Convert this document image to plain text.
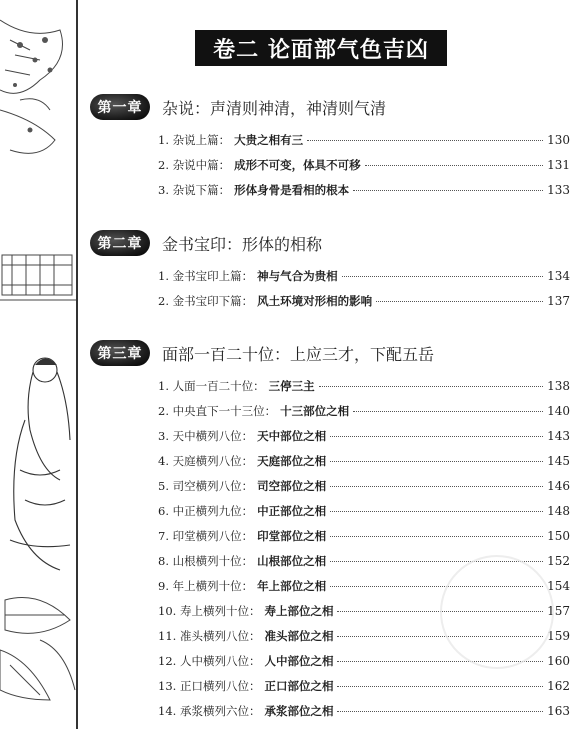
卷二 论面部气色吉凶
第一章	杂说：声清则神清，神清则气清
1. 杂说上篇： 大贵之相有三	130
2. 杂说中篇： 成形不可变，体具不可移	131
3. 杂说下篇： 形体身骨是看相的根本	133
第二章	金书宝印：形体的相称
1. 金书宝印上篇： 神与气合为贵相	134
2. 金书宝印下篇： 风土环境对形相的影响	137
第三章	面部一百二十位：上应三才，下配五岳
1. 人面一百二十位： 三停三主	138
2. 中央直下一十三位： 十三部位之相	140
3. 天中横列八位： 天中部位之相	143
4. 天庭横列八位： 天庭部位之相	145
5. 司空横列八位： 司空部位之相	146
6. 中正横列九位： 中正部位之相	148
7. 印堂横列八位： 印堂部位之相	150
8. 山根横列十位： 山根部位之相	152
9. 年上横列十位： 年上部位之相	154
10. 寿上横列十位： 寿上部位之相	157
11. 准头横列八位： 准头部位之相	159
12. 人中横列八位： 人中部位之相	160
13. 正口横列八位： 正口部位之相	162
14. 承浆横列六位： 承浆部位之相	163
